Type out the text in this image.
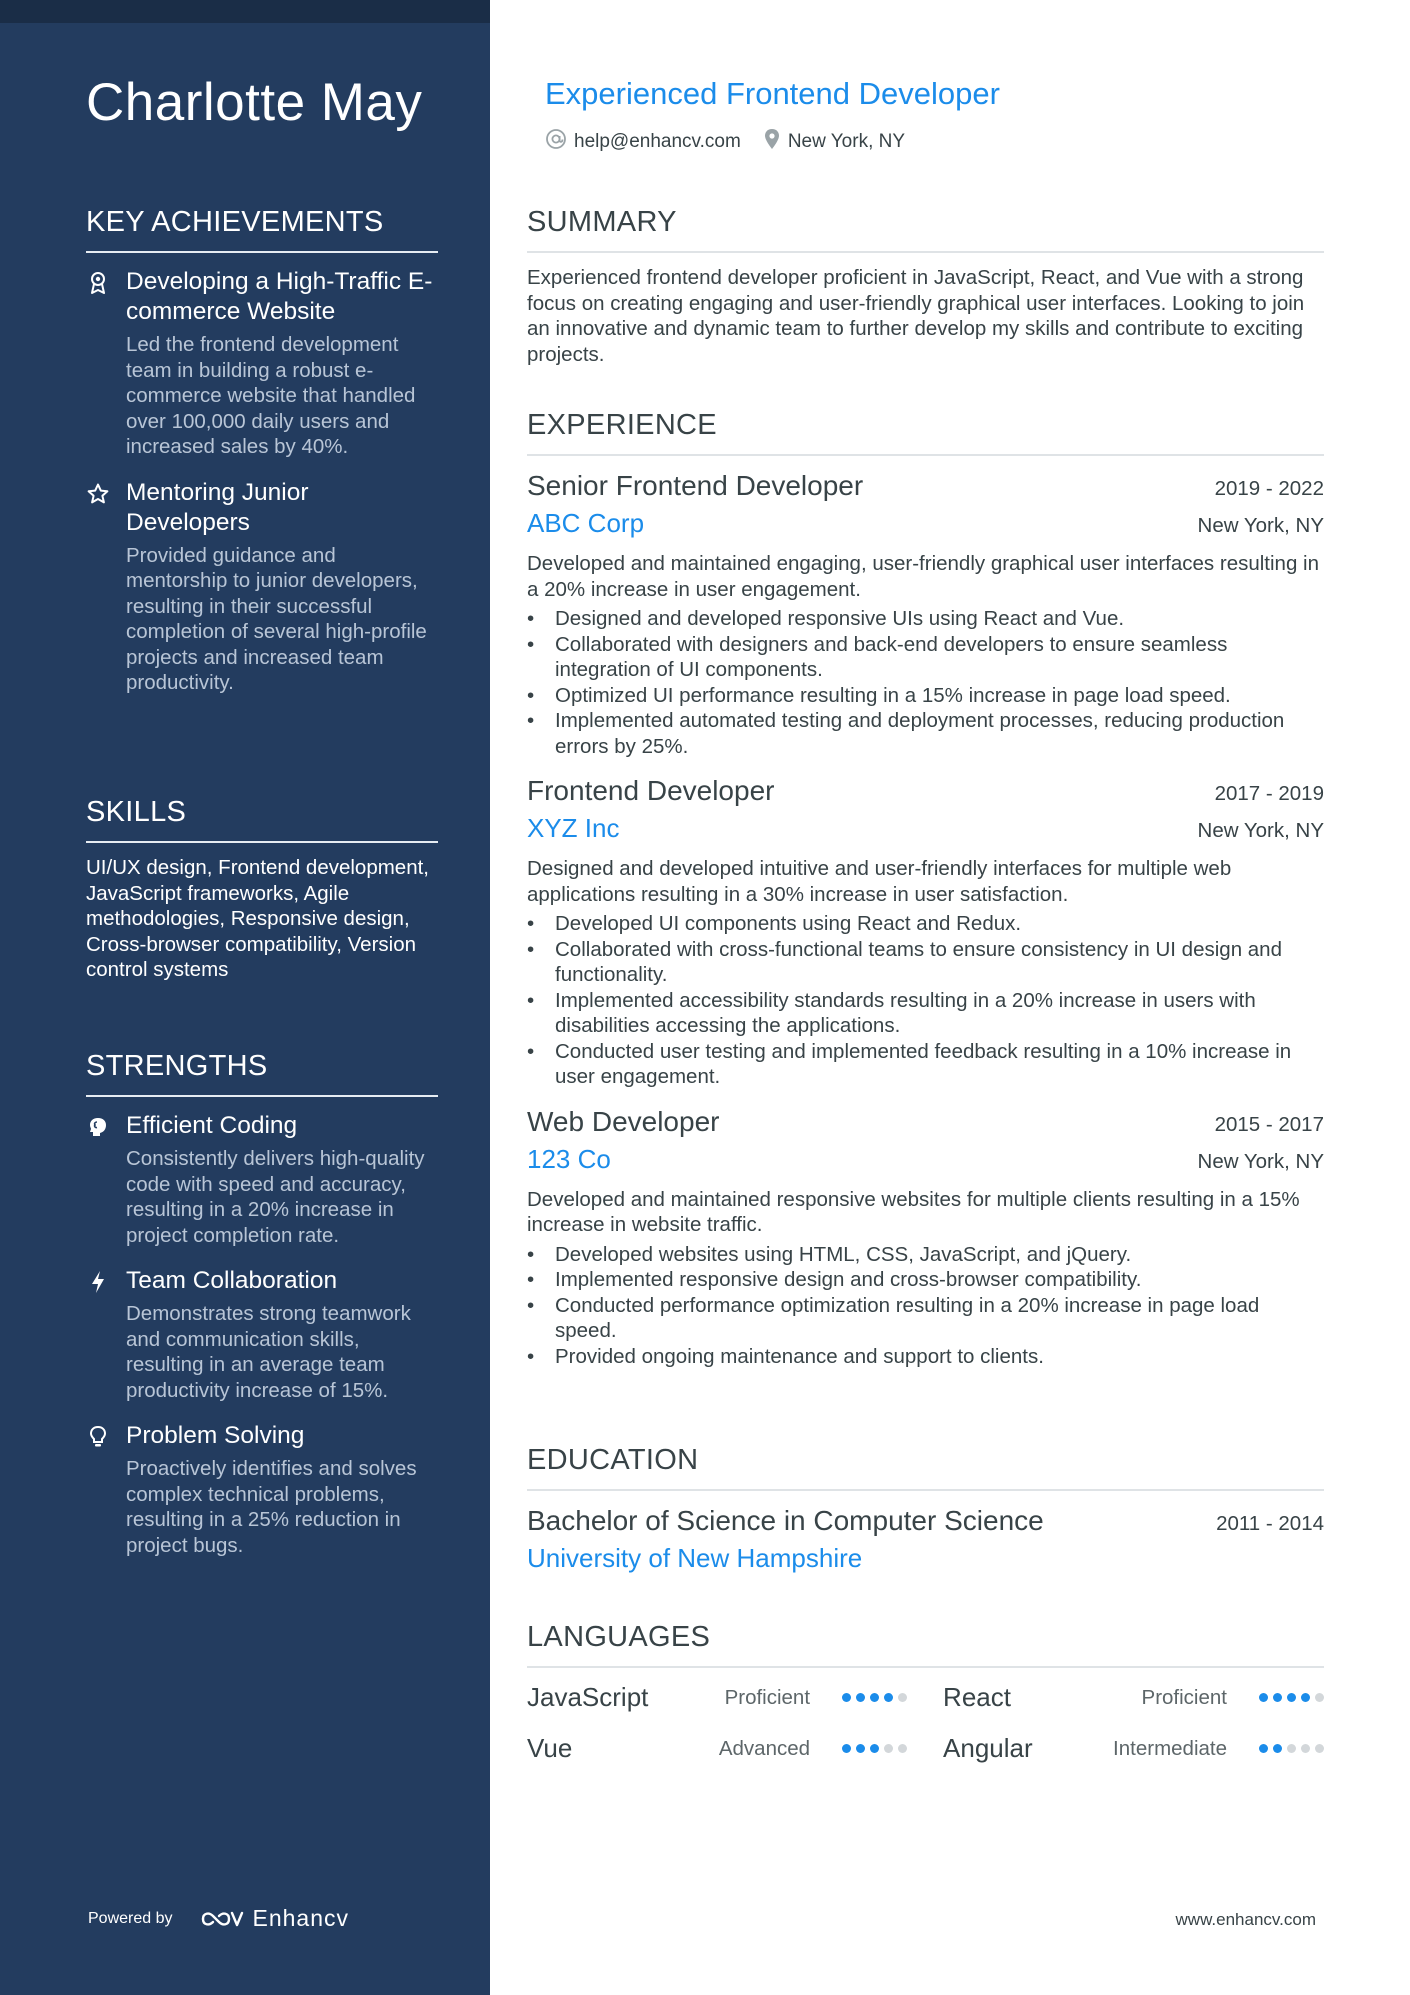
Charlotte May
KEY ACHIEVEMENTS
Developing a High-Traffic E-commerce Website
Led the frontend development team in building a robust e-commerce website that handled over 100,000 daily users and increased sales by 40%.
Mentoring Junior Developers
Provided guidance and mentorship to junior developers, resulting in their successful completion of several high-profile projects and increased team productivity.
SKILLS
UI/UX design, Frontend development, JavaScript frameworks, Agile methodologies, Responsive design, Cross-browser compatibility, Version control systems
STRENGTHS
Efficient Coding
Consistently delivers high-quality code with speed and accuracy, resulting in a 20% increase in project completion rate.
Team Collaboration
Demonstrates strong teamwork and communication skills, resulting in an average team productivity increase of 15%.
Problem Solving
Proactively identifies and solves complex technical problems, resulting in a 25% reduction in project bugs.
Powered by	Enhancv
Experienced Frontend Developer
help@enhancv.com New York, NY
SUMMARY
Experienced frontend developer proficient in JavaScript, React, and Vue with a strong focus on creating engaging and user-friendly graphical user interfaces. Looking to join an innovative and dynamic team to further develop my skills and contribute to exciting projects.
EXPERIENCE
Senior Frontend Developer	2019 - 2022
ABC Corp	New York, NY
Developed and maintained engaging, user-friendly graphical user interfaces resulting in a 20% increase in user engagement.
• Designed and developed responsive UIs using React and Vue.
• Collaborated with designers and back-end developers to ensure seamless integration of UI components.
• Optimized UI performance resulting in a 15% increase in page load speed.
• Implemented automated testing and deployment processes, reducing production errors by 25%.
Frontend Developer	2017 - 2019
XYZ Inc	New York, NY
Designed and developed intuitive and user-friendly interfaces for multiple web applications resulting in a 30% increase in user satisfaction.
• Developed UI components using React and Redux.
• Collaborated with cross-functional teams to ensure consistency in UI design and functionality.
• Implemented accessibility standards resulting in a 20% increase in users with disabilities accessing the applications.
• Conducted user testing and implemented feedback resulting in a 10% increase in user engagement.
Web Developer	2015 - 2017
123 Co	New York, NY
Developed and maintained responsive websites for multiple clients resulting in a 15% increase in website traffic.
• Developed websites using HTML, CSS, JavaScript, and jQuery.
• Implemented responsive design and cross-browser compatibility.
• Conducted performance optimization resulting in a 20% increase in page load speed.
• Provided ongoing maintenance and support to clients.
EDUCATION
Bachelor of Science in Computer Science	2011 - 2014
University of New Hampshire
LANGUAGES
JavaScript	Proficient	React	Proficient
Vue	Advanced	Angular	Intermediate
www.enhancv.com
